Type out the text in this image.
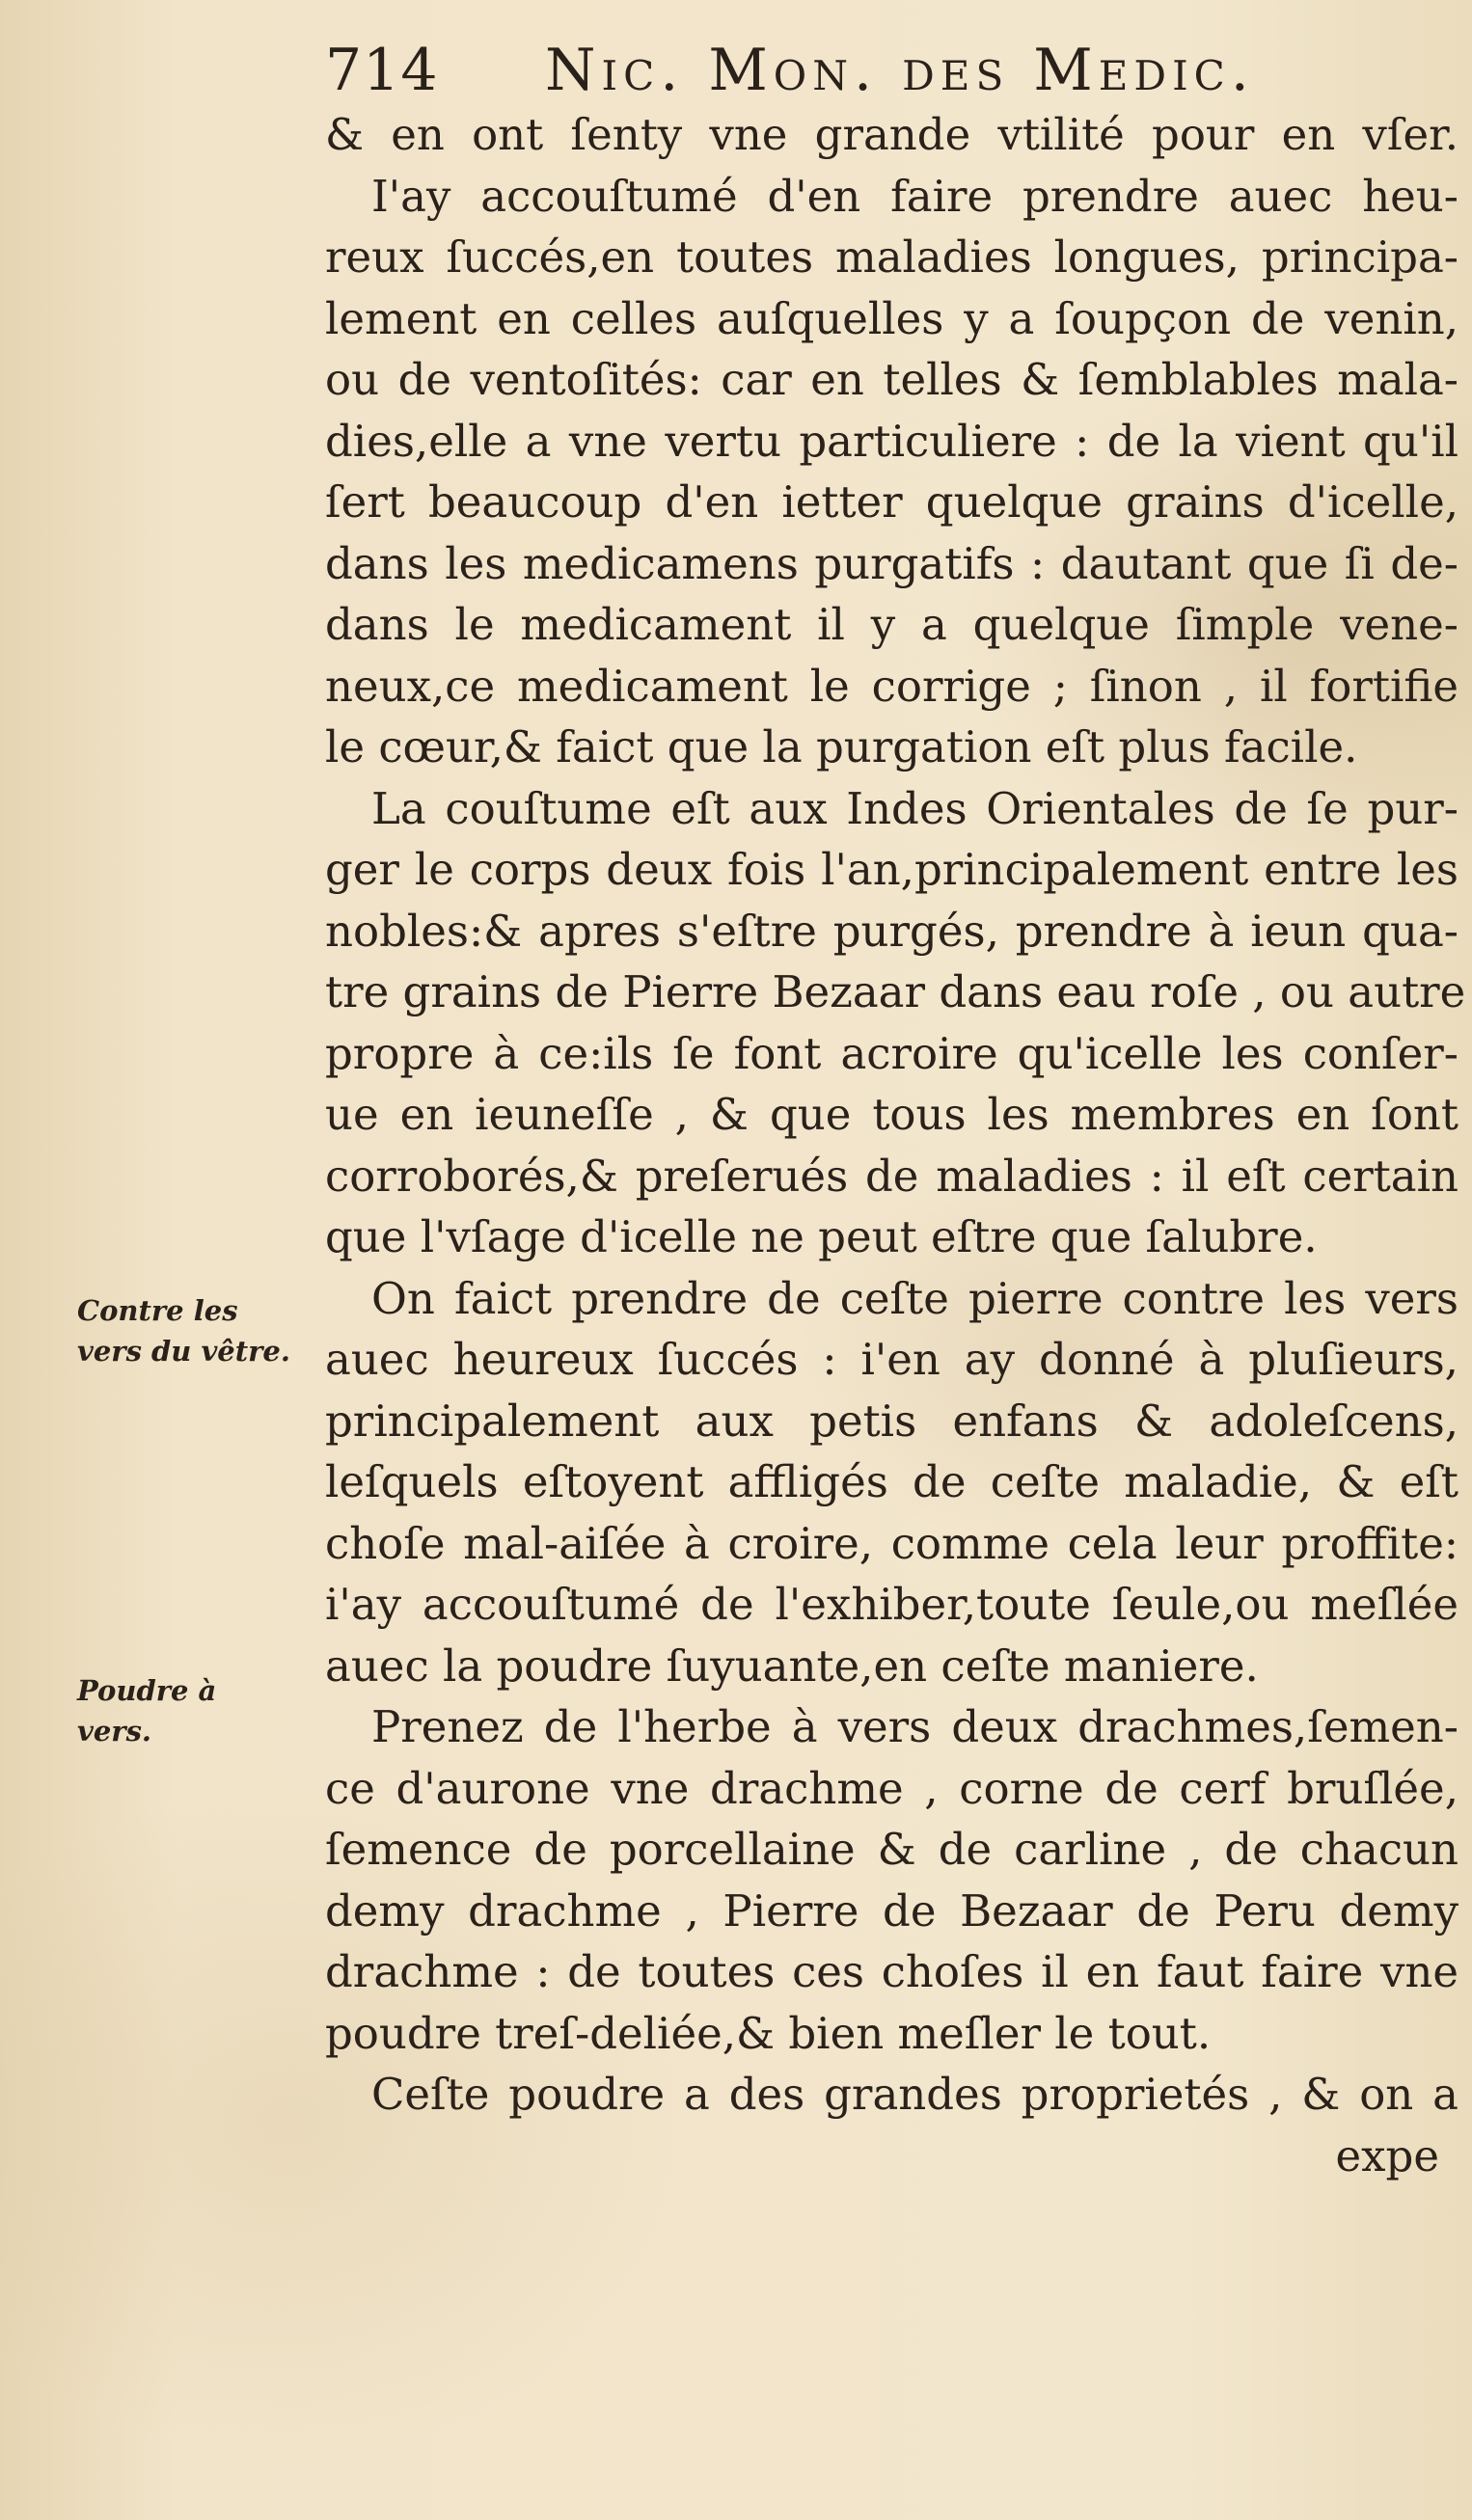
714 Nic. Mon. des Medic.
& en ont ſenty vne grande vtilité pour en vſer.
I'ay accouſtumé d'en faire prendre auec heu-
reux ſuccés,en toutes maladies longues, principa-
lement en celles auſquelles y a ſoupçon de venin,
ou de ventoſités: car en telles & ſemblables mala-
dies,elle a vne vertu particuliere : de la vient qu'il
ſert beaucoup d'en ietter quelque grains d'icelle,
dans les medicamens purgatifs : dautant que ſi de-
dans le medicament il y a quelque ſimple vene-
neux,ce medicament le corrige ; ſinon , il fortifie
le cœur,& faict que la purgation eſt plus facile.
La couſtume eſt aux Indes Orientales de ſe pur-
ger le corps deux fois l'an,principalement entre les
nobles:& apres s'eſtre purgés, prendre à ieun qua-
tre grains de Pierre Bezaar dans eau roſe , ou autre
propre à ce:ils ſe font acroire qu'icelle les conſer-
ue en ieuneſſe , & que tous les membres en ſont
corroborés,& preſerués de maladies : il eſt certain
que l'vſage d'icelle ne peut eſtre que ſalubre.
On faict prendre de ceſte pierre contre les vers
auec heureux ſuccés : i'en ay donné à pluſieurs,
principalement aux petis enfans & adoleſcens,
leſquels eſtoyent affligés de ceſte maladie, & eſt
choſe mal-aiſée à croire, comme cela leur proffite:
i'ay accouſtumé de l'exhiber,toute ſeule,ou meſlée
auec la poudre ſuyuante,en ceſte maniere.
Prenez de l'herbe à vers deux drachmes,ſemen-
ce d'aurone vne drachme , corne de cerf bruſlée,
ſemence de porcellaine & de carline , de chacun
demy drachme , Pierre de Bezaar de Peru demy
drachme : de toutes ces choſes il en faut faire vne
poudre treſ-deliée,& bien meſler le tout.
Ceſte poudre a des grandes proprietés , & on a
expe
Contre les
vers du vêtre.
Poudre à
vers.
